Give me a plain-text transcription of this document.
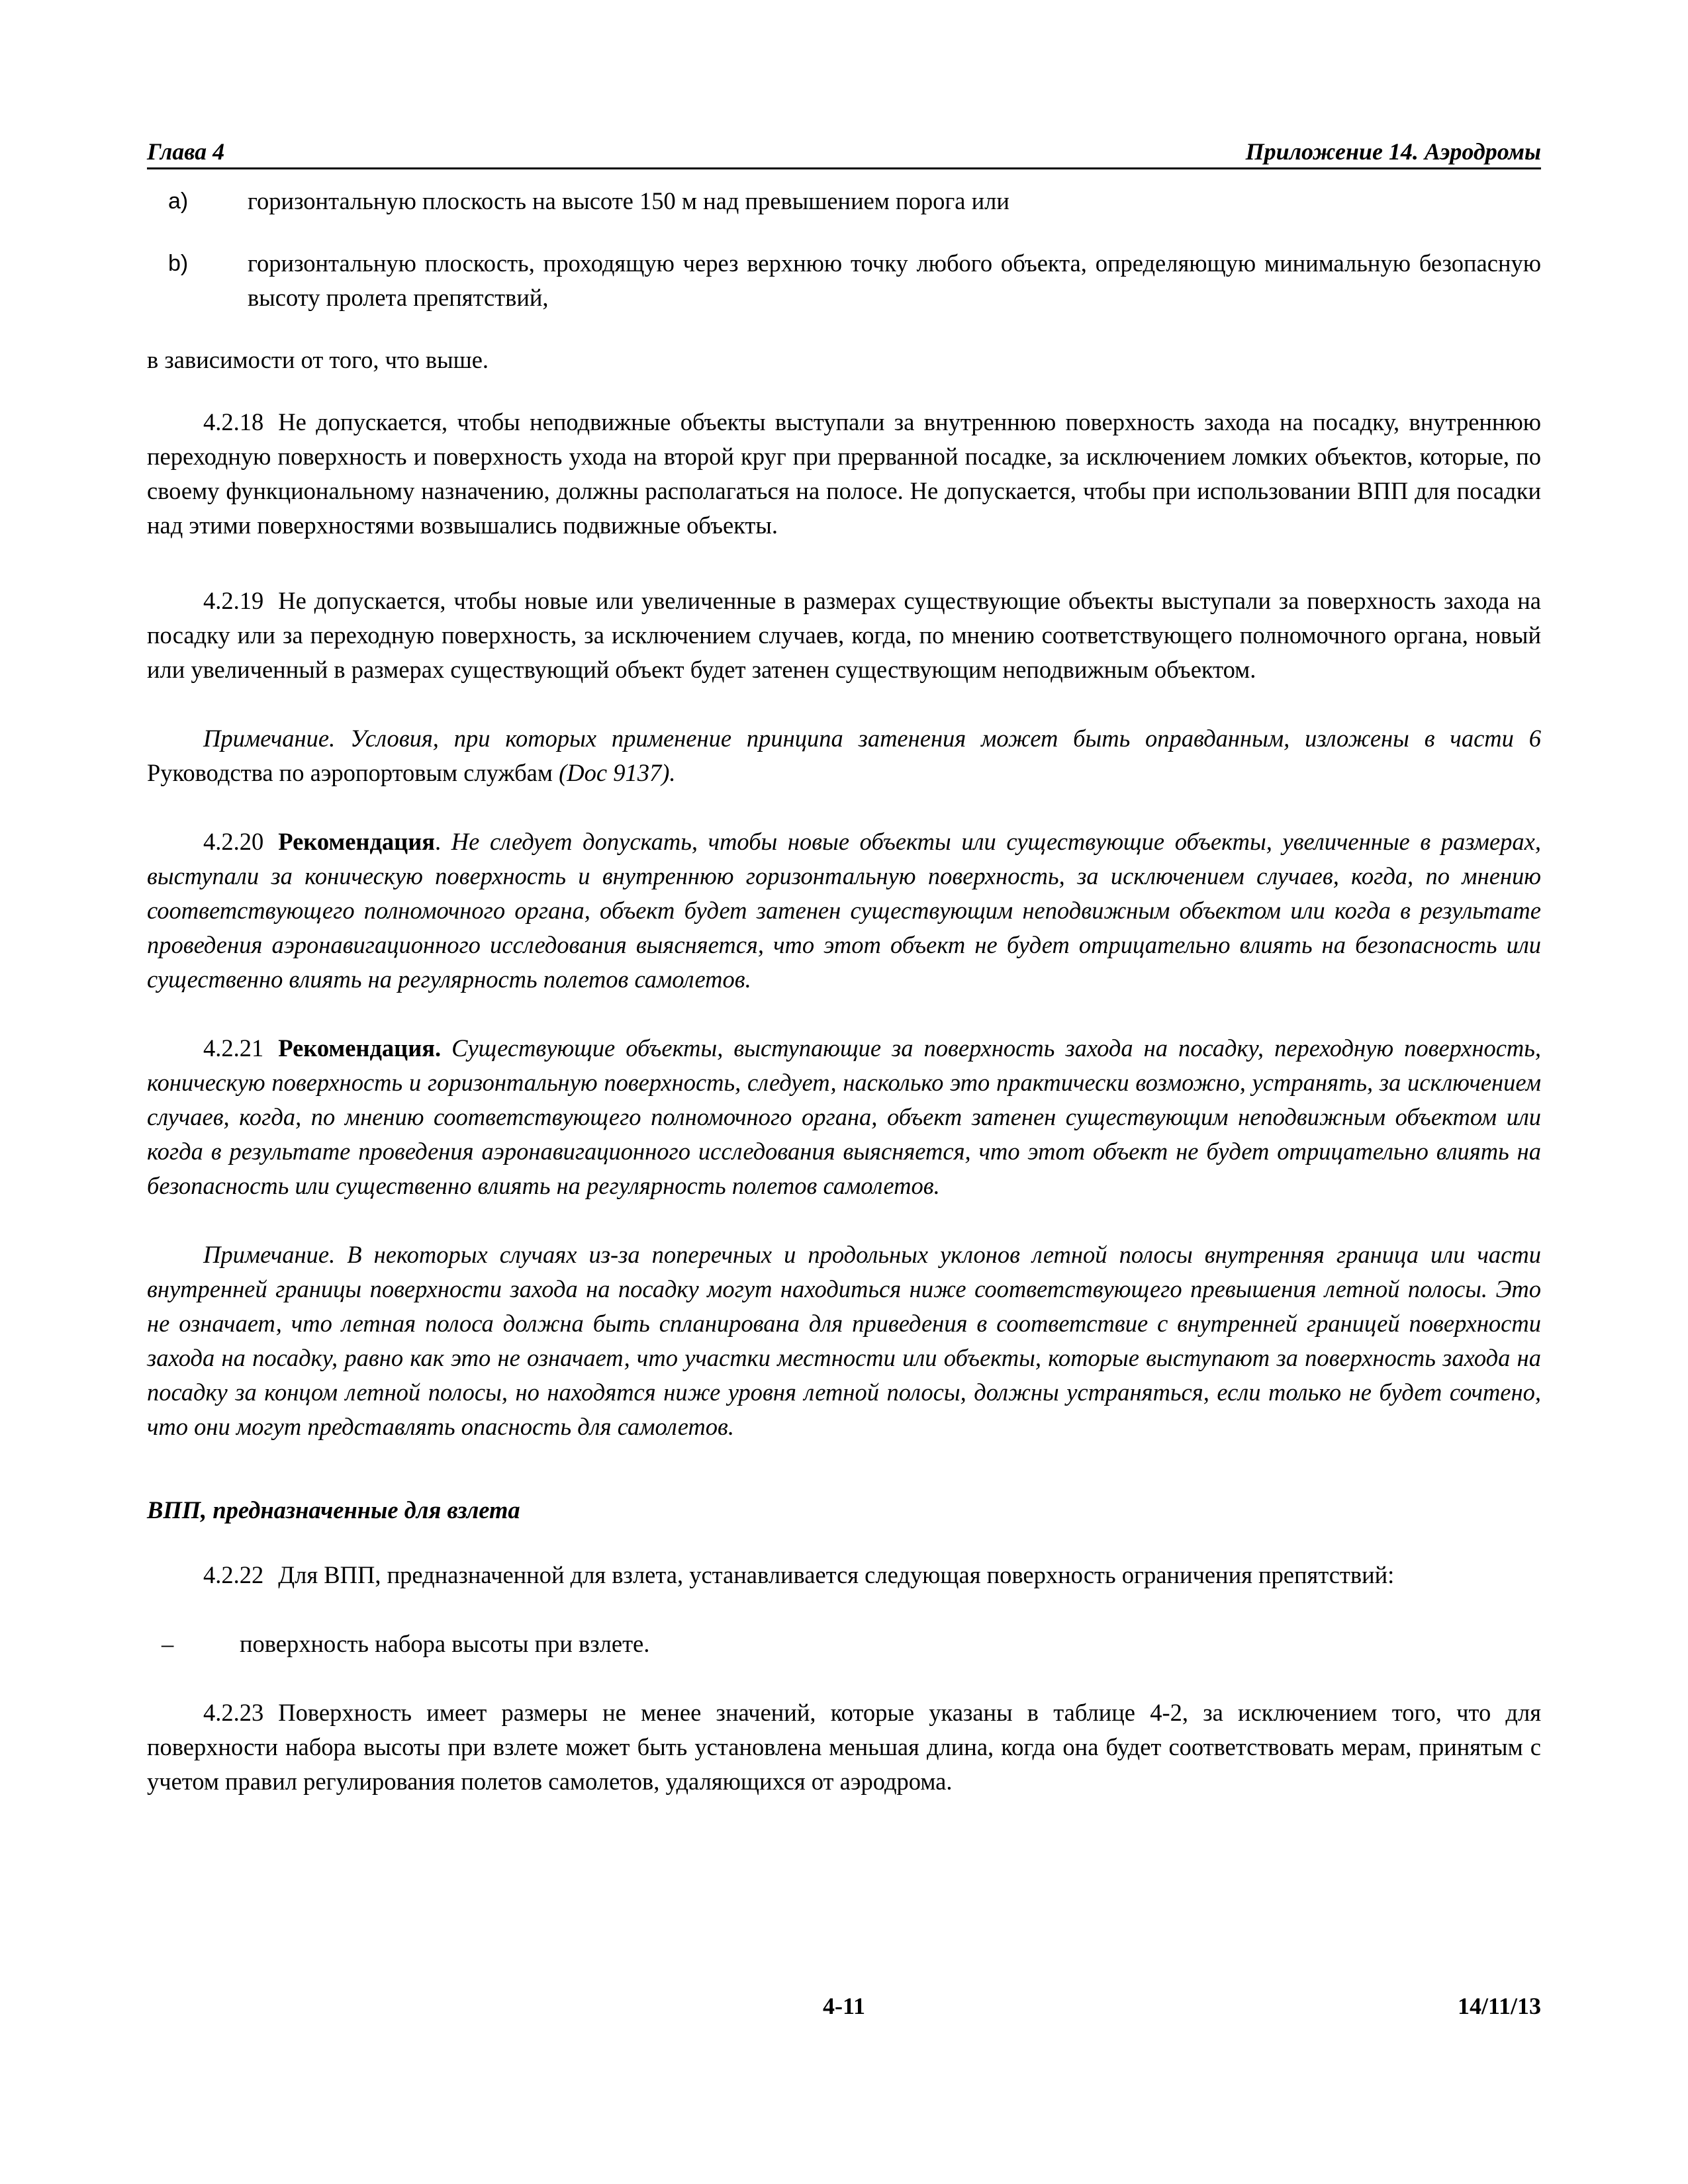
Глава 4	Приложение 14. Аэродромы
a) горизонтальную плоскость на высоте 150 м над превышением порога или
b) горизонтальную плоскость, проходящую через верхнюю точку любого объекта, определяющую минимальную безопасную высоту пролета препятствий,

в зависимости от того, что выше.

4.2.18 Не допускается, чтобы неподвижные объекты выступали за внутреннюю поверхность захода на посадку, внутреннюю переходную поверхность и поверхность ухода на второй круг при прерванной посадке, за исключением ломких объектов, которые, по своему функциональному назначению, должны располагаться на полосе. Не допускается, чтобы при использовании ВПП для посадки над этими поверхностями возвышались подвижные объекты.

4.2.19 Не допускается, чтобы новые или увеличенные в размерах существующие объекты выступали за поверхность захода на посадку или за переходную поверхность, за исключением случаев, когда, по мнению соответствующего полномочного органа, новый или увеличенный в размерах существующий объект будет затенен существующим неподвижным объектом.

Примечание. Условия, при которых применение принципа затенения может быть оправданным, изложены в части 6 Руководства по аэропортовым службам (Doc 9137).

4.2.20 Рекомендация. Не следует допускать, чтобы новые объекты или существующие объекты, увеличенные в размерах, выступали за коническую поверхность и внутреннюю горизонтальную поверхность, за исключением случаев, когда, по мнению соответствующего полномочного органа, объект будет затенен существующим неподвижным объектом или когда в результате проведения аэронавигационного исследования выясняется, что этот объект не будет отрицательно влиять на безопасность или существенно влиять на регулярность полетов самолетов.

4.2.21 Рекомендация. Существующие объекты, выступающие за поверхность захода на посадку, переходную поверхность, коническую поверхность и горизонтальную поверхность, следует, насколько это практически возможно, устранять, за исключением случаев, когда, по мнению соответствующего полномочного органа, объект затенен существующим неподвижным объектом или когда в результате проведения аэронавигационного исследования выясняется, что этот объект не будет отрицательно влиять на безопасность или существенно влиять на регулярность полетов самолетов.

Примечание. В некоторых случаях из-за поперечных и продольных уклонов летной полосы внутренняя граница или части внутренней границы поверхности захода на посадку могут находиться ниже соответствующего превышения летной полосы. Это не означает, что летная полоса должна быть спланирована для приведения в соответствие с внутренней границей поверхности захода на посадку, равно как это не означает, что участки местности или объекты, которые выступают за поверхность захода на посадку за концом летной полосы, но находятся ниже уровня летной полосы, должны устраняться, если только не будет сочтено, что они могут представлять опасность для самолетов.

ВПП, предназначенные для взлета

4.2.22 Для ВПП, предназначенной для взлета, устанавливается следующая поверхность ограничения препятствий:

–	поверхность набора высоты при взлете.

4.2.23 Поверхность имеет размеры не менее значений, которые указаны в таблице 4-2, за исключением того, что для поверхности набора высоты при взлете может быть установлена меньшая длина, когда она будет соответствовать мерам, принятым с учетом правил регулирования полетов самолетов, удаляющихся от аэродрома.

4-11	14/11/13
